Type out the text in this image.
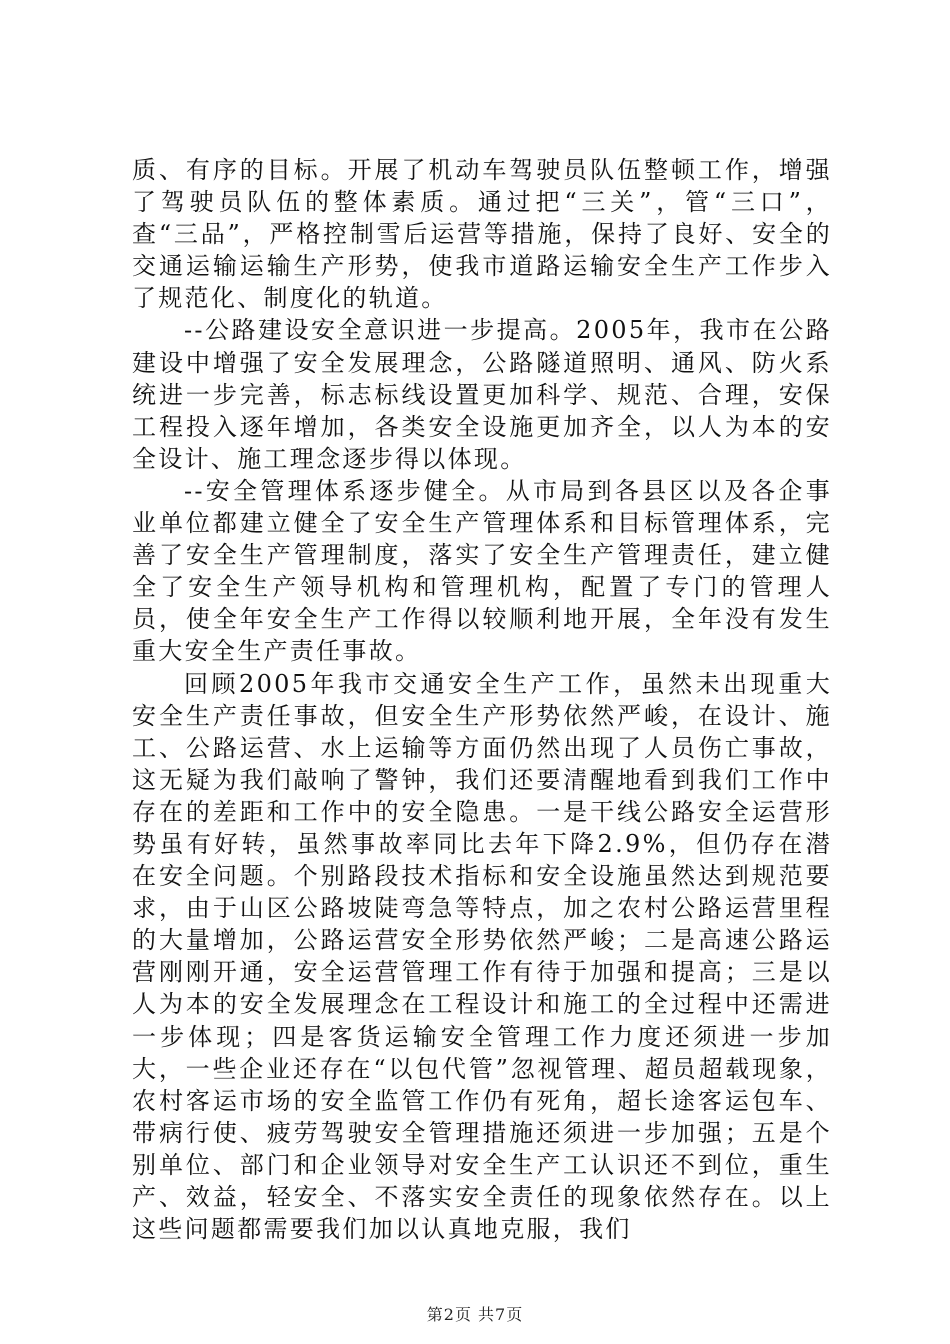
质、有序的目标。开展了机动车驾驶员队伍整顿工作，增强了驾驶员队伍的整体素质。通过把“三关”，管“三口”，查“三品”，严格控制雪后运营等措施，保持了良好、安全的交通运输运输生产形势，使我市道路运输安全生产工作步入了规范化、制度化的轨道。

--公路建设安全意识进一步提高。2005年，我市在公路建设中增强了安全发展理念，公路隧道照明、通风、防火系统进一步完善，标志标线设置更加科学、规范、合理，安保工程投入逐年增加，各类安全设施更加齐全，以人为本的安全设计、施工理念逐步得以体现。

--安全管理体系逐步健全。从市局到各县区以及各企事业单位都建立健全了安全生产管理体系和目标管理体系，完善了安全生产管理制度，落实了安全生产管理责任，建立健全了安全生产领导机构和管理机构，配置了专门的管理人员，使全年安全生产工作得以较顺利地开展，全年没有发生重大安全生产责任事故。

回顾2005年我市交通安全生产工作，虽然未出现重大安全生产责任事故，但安全生产形势依然严峻，在设计、施工、公路运营、水上运输等方面仍然出现了人员伤亡事故，这无疑为我们敲响了警钟，我们还要清醒地看到我们工作中存在的差距和工作中的安全隐患。一是干线公路安全运营形势虽有好转，虽然事故率同比去年下降2.9%，但仍存在潜在安全问题。个别路段技术指标和安全设施虽然达到规范要求，由于山区公路坡陡弯急等特点，加之农村公路运营里程的大量增加，公路运营安全形势依然严峻；二是高速公路运营刚刚开通，安全运营管理工作有待于加强和提高；三是以人为本的安全发展理念在工程设计和施工的全过程中还需进一步体现；四是客货运输安全管理工作力度还须进一步加大，一些企业还存在“以包代管”忽视管理、超员超载现象，农村客运市场的安全监管工作仍有死角，超长途客运包车、带病行使、疲劳驾驶安全管理措施还须进一步加强；五是个别单位、部门和企业领导对安全生产工认识还不到位，重生产、效益，轻安全、不落实安全责任的现象依然存在。以上这些问题都需要我们加以认真地克服，我们

第2页 共7页
